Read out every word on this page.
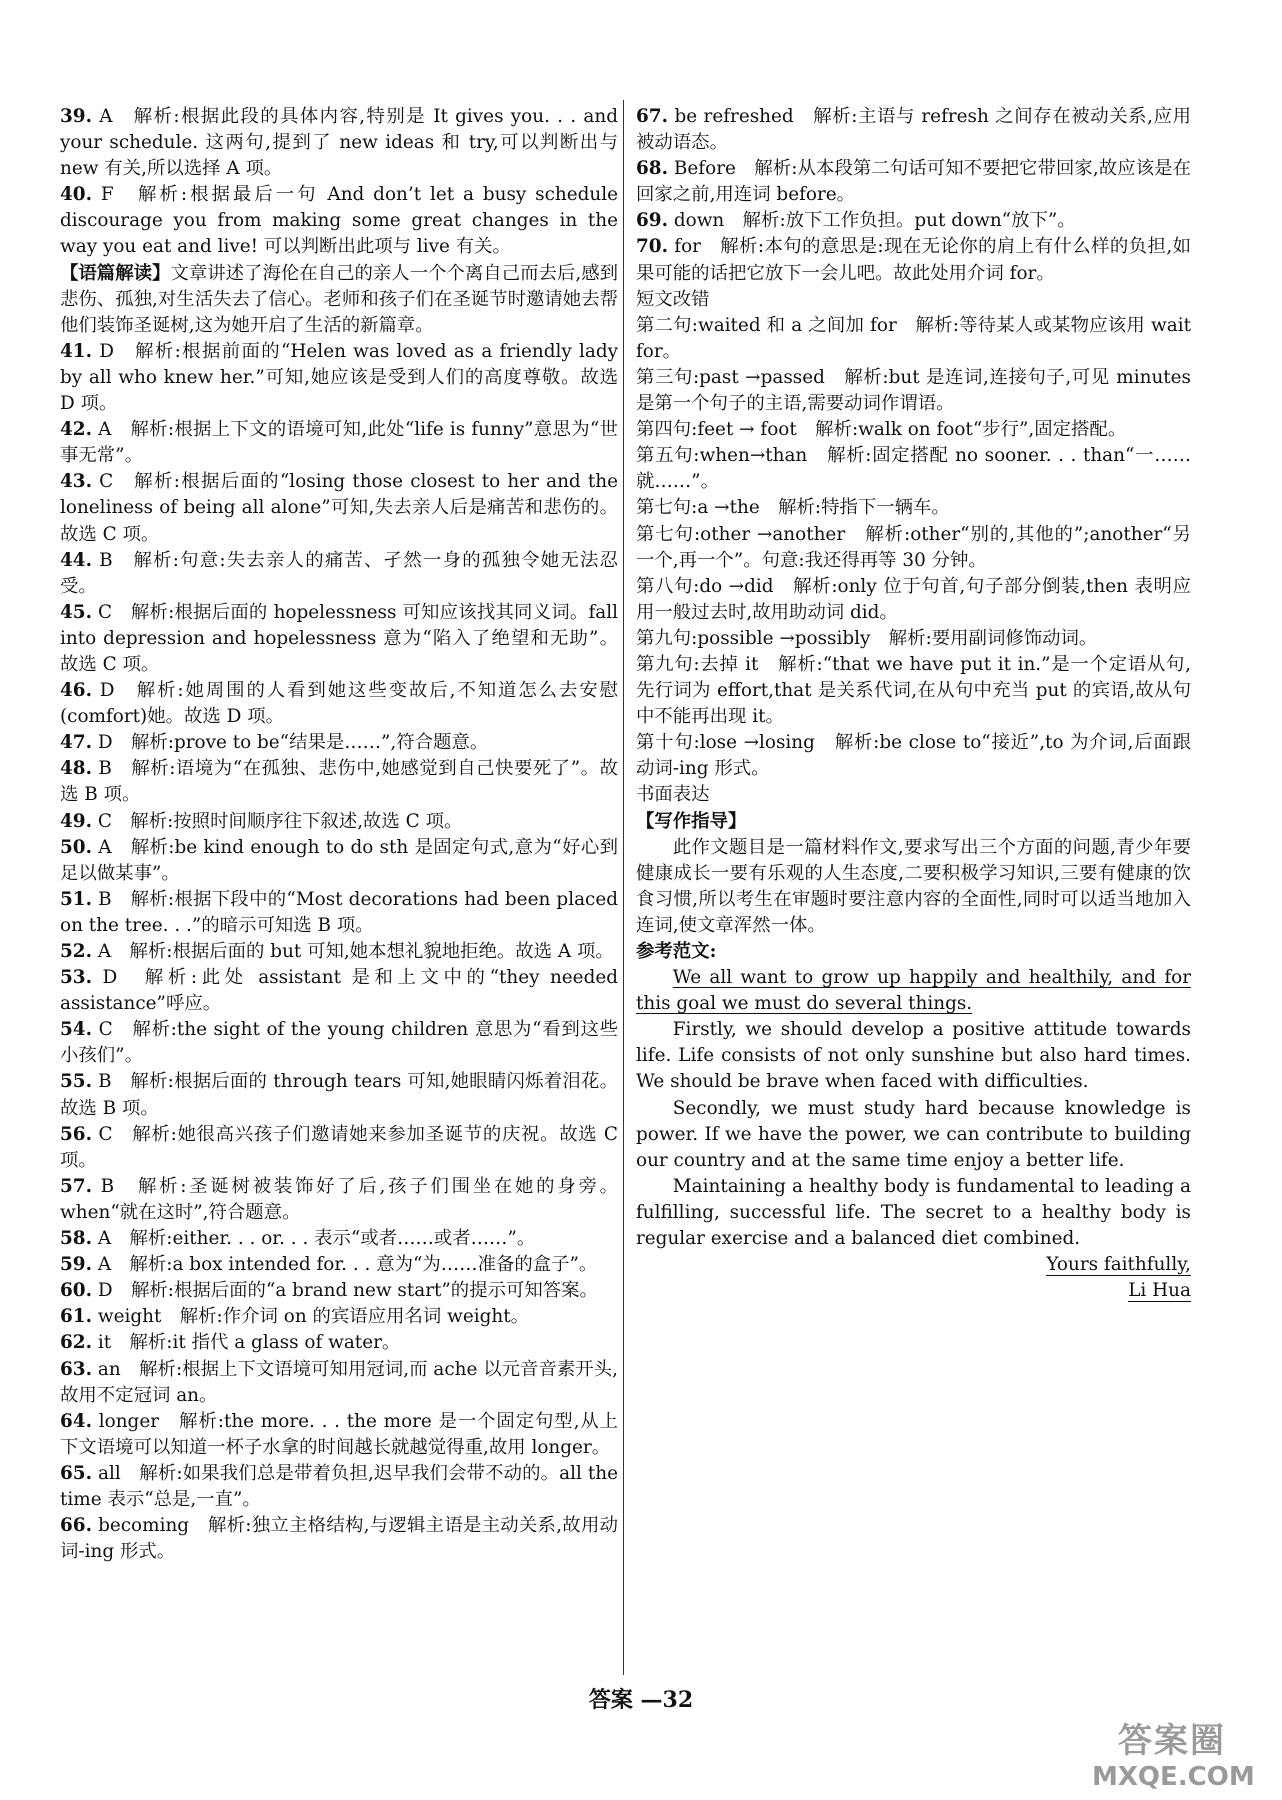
39. A　解析:根据此段的具体内容,特别是 It gives you. . . and your schedule. 这两句,提到了 new ideas 和 try,可以判断出与 new 有关,所以选择 A 项。

40. F　解析:根据最后一句 And don’t let a busy schedule discourage you from making some great changes in the way you eat and live! 可以判断出此项与 live 有关。

【语篇解读】文章讲述了海伦在自己的亲人一个个离自己而去后,感到悲伤、孤独,对生活失去了信心。老师和孩子们在圣诞节时邀请她去帮他们装饰圣诞树,这为她开启了生活的新篇章。

41. D　解析:根据前面的“Helen was loved as a friendly lady by all who knew her.”可知,她应该是受到人们的高度尊敬。故选 D 项。

42. A　解析:根据上下文的语境可知,此处“life is funny”意思为“世事无常”。

43. C　解析:根据后面的“losing those closest to her and the loneliness of being all alone”可知,失去亲人后是痛苦和悲伤的。故选 C 项。

44. B　解析:句意:失去亲人的痛苦、孑然一身的孤独令她无法忍受。

45. C　解析:根据后面的 hopelessness 可知应该找其同义词。fall into depression and hopelessness 意为“陷入了绝望和无助”。故选 C 项。

46. D　解析:她周围的人看到她这些变故后,不知道怎么去安慰(comfort)她。故选 D 项。

47. D　解析:prove to be“结果是……”,符合题意。

48. B　解析:语境为“在孤独、悲伤中,她感觉到自己快要死了”。故选 B 项。

49. C　解析:按照时间顺序往下叙述,故选 C 项。

50. A　解析:be kind enough to do sth 是固定句式,意为“好心到足以做某事”。

51. B　解析:根据下段中的“Most decorations had been placed on the tree. . .”的暗示可知选 B 项。

52. A　解析:根据后面的 but 可知,她本想礼貌地拒绝。故选 A 项。

53. D　解析:此处 assistant 是和上文中的“they needed assistance”呼应。

54. C　解析:the sight of the young children 意思为“看到这些小孩们”。

55. B　解析:根据后面的 through tears 可知,她眼睛闪烁着泪花。故选 B 项。

56. C　解析:她很高兴孩子们邀请她来参加圣诞节的庆祝。故选 C 项。

57. B　解析:圣诞树被装饰好了后,孩子们围坐在她的身旁。when“就在这时”,符合题意。

58. A　解析:either. . . or. . . 表示“或者……或者……”。

59. A　解析:a box intended for. . . 意为“为……准备的盒子”。

60. D　解析:根据后面的“a brand new start”的提示可知答案。

61. weight　解析:作介词 on 的宾语应用名词 weight。

62. it　解析:it 指代 a glass of water。

63. an　解析:根据上下文语境可知用冠词,而 ache 以元音音素开头,故用不定冠词 an。

64. longer　解析:the more. . . the more 是一个固定句型,从上下文语境可以知道一杯子水拿的时间越长就越觉得重,故用 longer。

65. all　解析:如果我们总是带着负担,迟早我们会带不动的。all the time 表示“总是,一直”。

66. becoming　解析:独立主格结构,与逻辑主语是主动关系,故用动词-ing 形式。

67. be refreshed　解析:主语与 refresh 之间存在被动关系,应用被动语态。

68. Before　解析:从本段第二句话可知不要把它带回家,故应该是在回家之前,用连词 before。

69. down　解析:放下工作负担。put down“放下”。

70. for　解析:本句的意思是:现在无论你的肩上有什么样的负担,如果可能的话把它放下一会儿吧。故此处用介词 for。

短文改错

第二句:waited 和 a 之间加 for　解析:等待某人或某物应该用 wait for。

第三句:past →passed　解析:but 是连词,连接句子,可见 minutes 是第一个句子的主语,需要动词作谓语。

第四句:feet → foot　解析:walk on foot“步行”,固定搭配。

第五句:when→than　解析:固定搭配 no sooner. . . than“一……就……”。

第七句:a →the　解析:特指下一辆车。

第七句:other →another　解析:other“别的,其他的”;another“另一个,再一个”。句意:我还得再等 30 分钟。

第八句:do →did　解析:only 位于句首,句子部分倒装,then 表明应用一般过去时,故用助动词 did。

第九句:possible →possibly　解析:要用副词修饰动词。

第九句:去掉 it　解析:“that we have put it in.”是一个定语从句,先行词为 effort,that 是关系代词,在从句中充当 put 的宾语,故从句中不能再出现 it。

第十句:lose →losing　解析:be close to“接近”,to 为介词,后面跟动词-ing 形式。

书面表达

【写作指导】

此作文题目是一篇材料作文,要求写出三个方面的问题,青少年要健康成长一要有乐观的人生态度,二要积极学习知识,三要有健康的饮食习惯,所以考生在审题时要注意内容的全面性,同时可以适当地加入连词,使文章浑然一体。

参考范文:

We all want to grow up happily and healthily, and for this goal we must do several things.

Firstly, we should develop a positive attitude towards life. Life consists of not only sunshine but also hard times. We should be brave when faced with difficulties.

Secondly, we must study hard because knowledge is power. If we have the power, we can contribute to building our country and at the same time enjoy a better life.

Maintaining a healthy body is fundamental to leading a fulfilling, successful life. The secret to a healthy body is regular exercise and a balanced diet combined.

Yours faithfully,

Li Hua

答案 —32
答案圈
MXQE.COM
